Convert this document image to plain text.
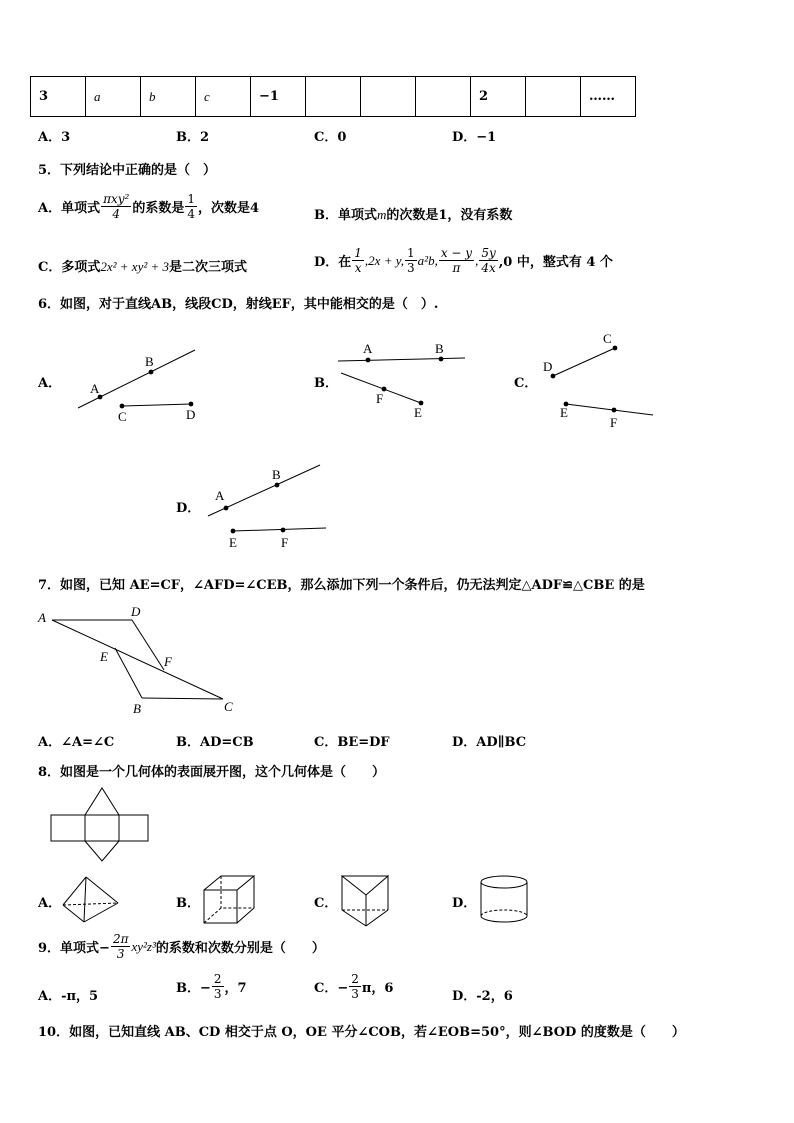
3	a	b	c	−1				2		……
A．3	B．2	C．0	D．−1
5．下列结论中正确的是（　）
A．单项式 $\frac{\text{πxy²}}{4}$ 的系数是 $\frac{1}{4}$ ，次数是4	B．单项式m的次数是1，没有系数
C．多项式2x² + xy² + 3是二次三项式	D．在 $\frac{1}{x} ,2x + y$, $\frac{1}{3} a^2b$, $\frac{x - y}{\pi}$ , $\frac{5y}{4x} ,0$ 中，整式有 4 个
6．如图，对于直线AB，线段CD，射线EF，其中能相交的是（　）.
A． A
B
C	D
B．
A	B
F
E
C．
D
C
E
F
D．
A
B
E	F
7．如图，已知 AE=CF，∠AFD=∠CEB，那么添加下列一个条件后，仍无法判定△ADF≌△CBE 的是
A	D
E	F
B	C
A．∠A=∠C	B．AD=CB	C．BE=DF	D．AD∥BC
8．如图是一个几何体的表面展开图，这个几何体是（　　）
A．	B．	C．	D．
9．单项式− $\frac{2\pi}{3} xy^2z^3$ 的系数和次数分别是（　　）
A．-π，5
B．− $\frac{2}{3}$ ，7	C．− $\frac{2}{3}$ π，6
D．-2，6
10．如图，已知直线 AB、CD 相交于点 O，OE 平分∠COB，若∠EOB=50°，则∠BOD 的度数是（　　）
